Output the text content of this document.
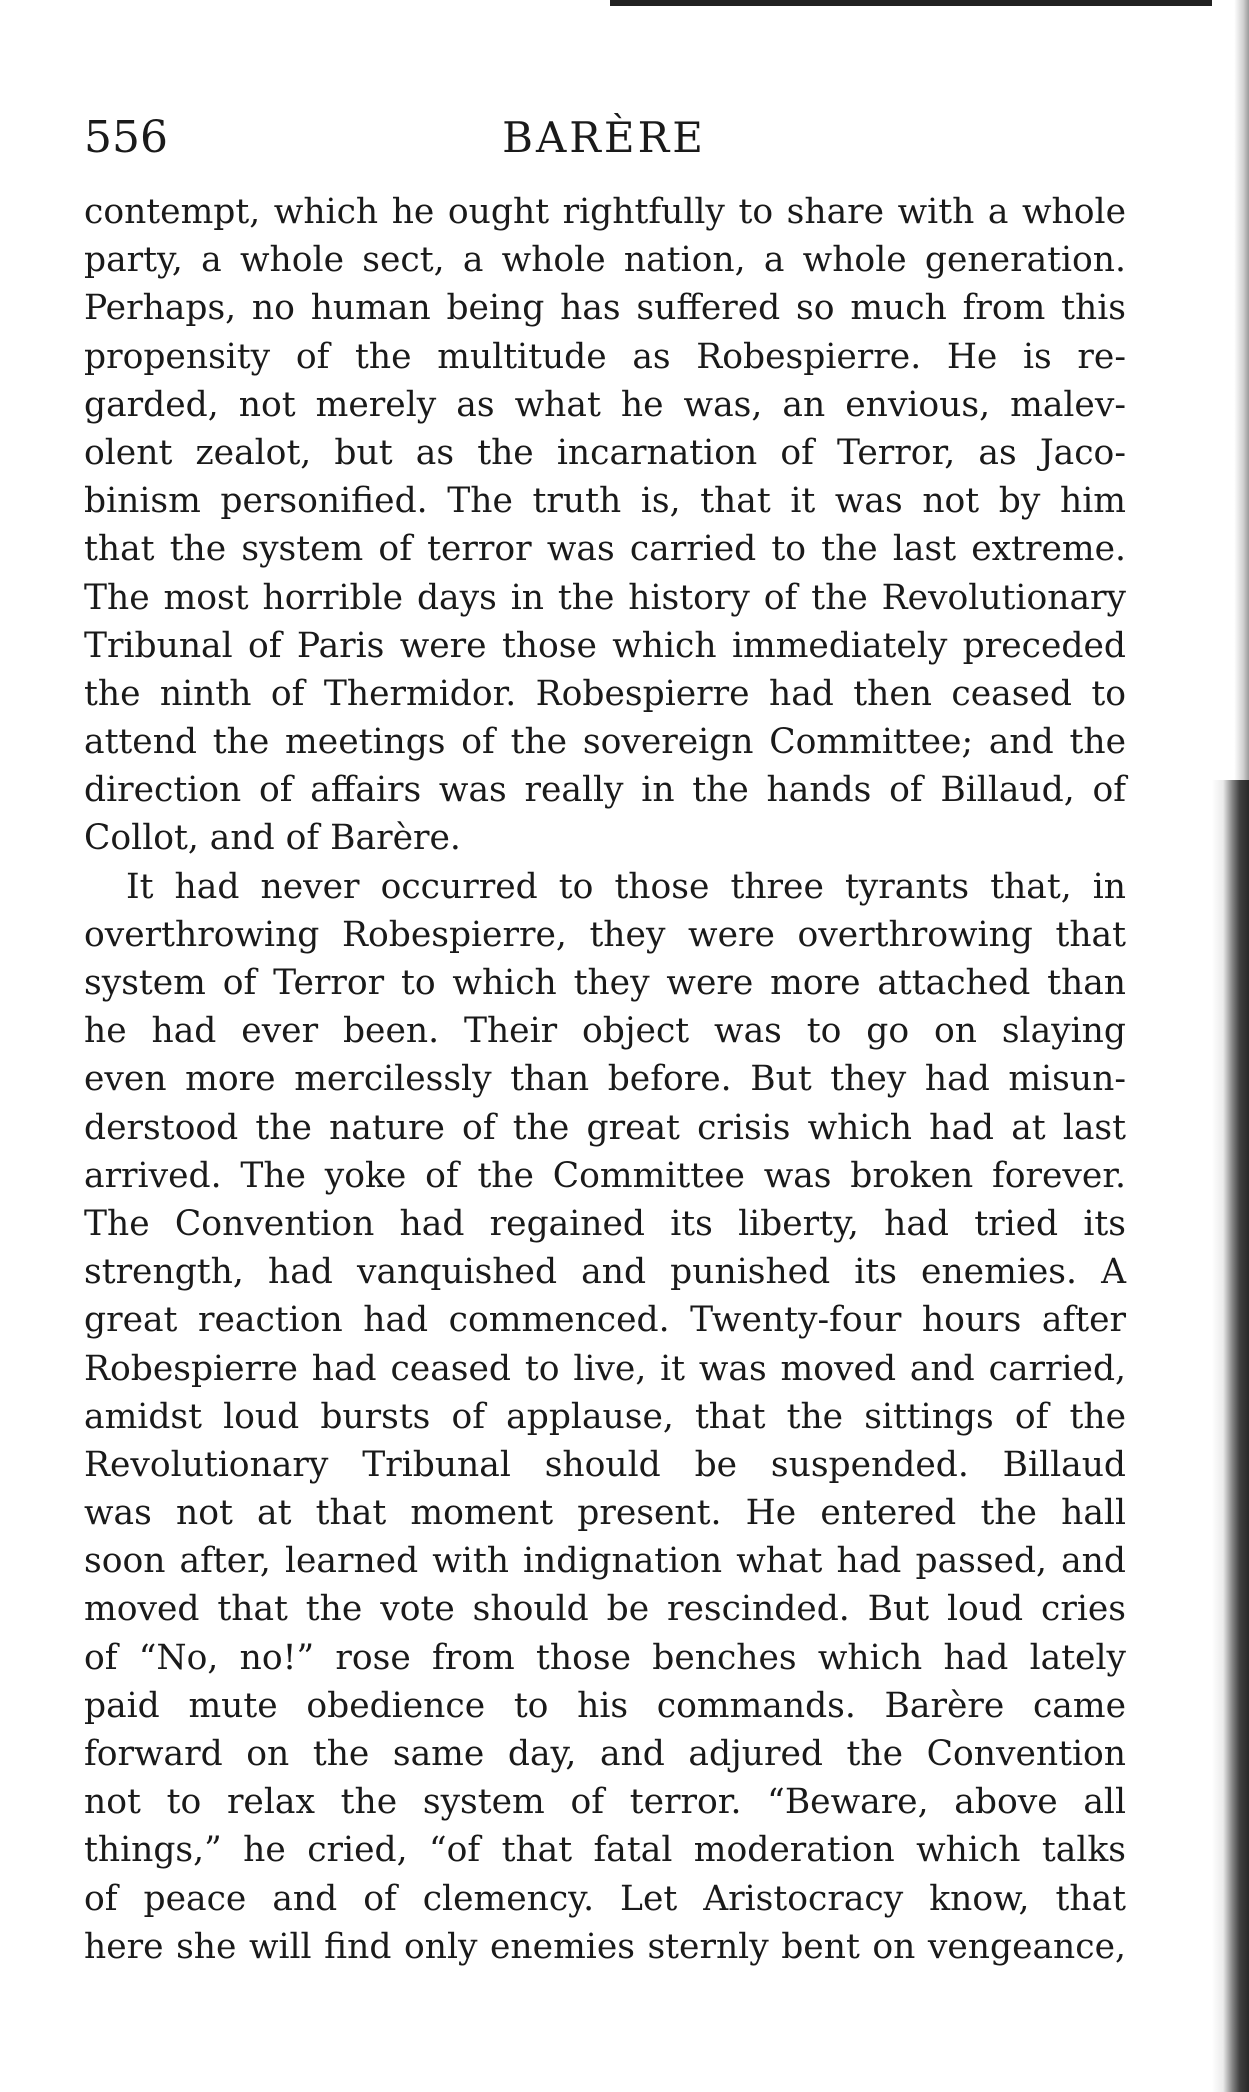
556	BARÈRE
contempt, which he ought rightfully to share with a whole
party, a whole sect, a whole nation, a whole generation.
Perhaps, no human being has suffered so much from this
propensity of the multitude as Robespierre. He is re-
garded, not merely as what he was, an envious, malev-
olent zealot, but as the incarnation of Terror, as Jaco-
binism personified. The truth is, that it was not by him
that the system of terror was carried to the last extreme.
The most horrible days in the history of the Revolutionary
Tribunal of Paris were those which immediately preceded
the ninth of Thermidor. Robespierre had then ceased to
attend the meetings of the sovereign Committee; and the
direction of affairs was really in the hands of Billaud, of
Collot, and of Barère.
It had never occurred to those three tyrants that, in
overthrowing Robespierre, they were overthrowing that
system of Terror to which they were more attached than
he had ever been. Their object was to go on slaying
even more mercilessly than before. But they had misun-
derstood the nature of the great crisis which had at last
arrived. The yoke of the Committee was broken forever.
The Convention had regained its liberty, had tried its
strength, had vanquished and punished its enemies. A
great reaction had commenced. Twenty-four hours after
Robespierre had ceased to live, it was moved and carried,
amidst loud bursts of applause, that the sittings of the
Revolutionary Tribunal should be suspended. Billaud
was not at that moment present. He entered the hall
soon after, learned with indignation what had passed, and
moved that the vote should be rescinded. But loud cries
of “No, no!” rose from those benches which had lately
paid mute obedience to his commands. Barère came
forward on the same day, and adjured the Convention
not to relax the system of terror. “Beware, above all
things,” he cried, “of that fatal moderation which talks
of peace and of clemency. Let Aristocracy know, that
here she will find only enemies sternly bent on vengeance,
